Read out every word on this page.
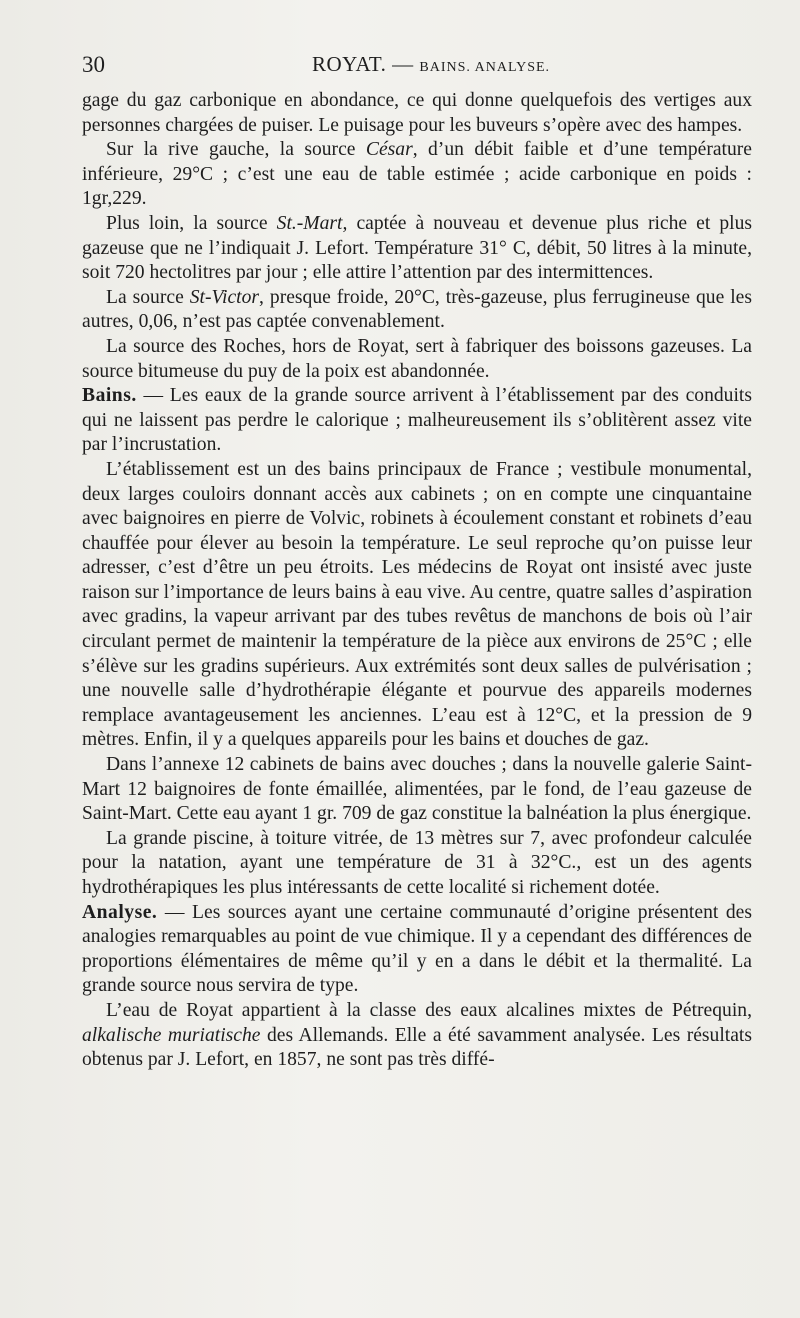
30	ROYAT. — BAINS. ANALYSE.

gage du gaz carbonique en abondance, ce qui donne quelquefois des vertiges aux personnes chargées de puiser. Le puisage pour les buveurs s’opère avec des hampes.

Sur la rive gauche, la source César, d’un débit faible et d’une température inférieure, 29°C ; c’est une eau de table estimée ; acide carbonique en poids : 1gr,229.

Plus loin, la source St.-Mart, captée à nouveau et devenue plus riche et plus gazeuse que ne l’indiquait J. Lefort. Température 31° C, débit, 50 litres à la minute, soit 720 hectolitres par jour ; elle attire l’attention par des intermittences.

La source St-Victor, presque froide, 20°C, très-gazeuse, plus ferrugineuse que les autres, 0,06, n’est pas captée convenablement.

La source des Roches, hors de Royat, sert à fabriquer des boissons gazeuses. La source bitumeuse du puy de la poix est abandonnée.

Bains. — Les eaux de la grande source arrivent à l’établissement par des conduits qui ne laissent pas perdre le calorique ; malheureusement ils s’oblitèrent assez vite par l’incrustation.

L’établissement est un des bains principaux de France ; vestibule monumental, deux larges couloirs donnant accès aux cabinets ; on en compte une cinquantaine avec baignoires en pierre de Volvic, robinets à écoulement constant et robinets d’eau chauffée pour élever au besoin la température. Le seul reproche qu’on puisse leur adresser, c’est d’être un peu étroits. Les médecins de Royat ont insisté avec juste raison sur l’importance de leurs bains à eau vive. Au centre, quatre salles d’aspiration avec gradins, la vapeur arrivant par des tubes revêtus de manchons de bois où l’air circulant permet de maintenir la température de la pièce aux environs de 25°C ; elle s’élève sur les gradins supérieurs. Aux extrémités sont deux salles de pulvérisation ; une nouvelle salle d’hydrothérapie élégante et pourvue des appareils modernes remplace avantageusement les anciennes. L’eau est à 12°C, et la pression de 9 mètres. Enfin, il y a quelques appareils pour les bains et douches de gaz.

Dans l’annexe 12 cabinets de bains avec douches ; dans la nouvelle galerie Saint-Mart 12 baignoires de fonte émaillée, alimentées, par le fond, de l’eau gazeuse de Saint-Mart. Cette eau ayant 1 gr. 709 de gaz constitue la balnéation la plus énergique.

La grande piscine, à toiture vitrée, de 13 mètres sur 7, avec profondeur calculée pour la natation, ayant une température de 31 à 32°C., est un des agents hydrothérapiques les plus intéressants de cette localité si richement dotée.

Analyse. — Les sources ayant une certaine communauté d’origine présentent des analogies remarquables au point de vue chimique. Il y a cependant des différences de proportions élémentaires de même qu’il y en a dans le débit et la thermalité. La grande source nous servira de type.

L’eau de Royat appartient à la classe des eaux alcalines mixtes de Pétrequin, alkalische muriatische des Allemands. Elle a été savamment analysée. Les résultats obtenus par J. Lefort, en 1857, ne sont pas très diffé-
